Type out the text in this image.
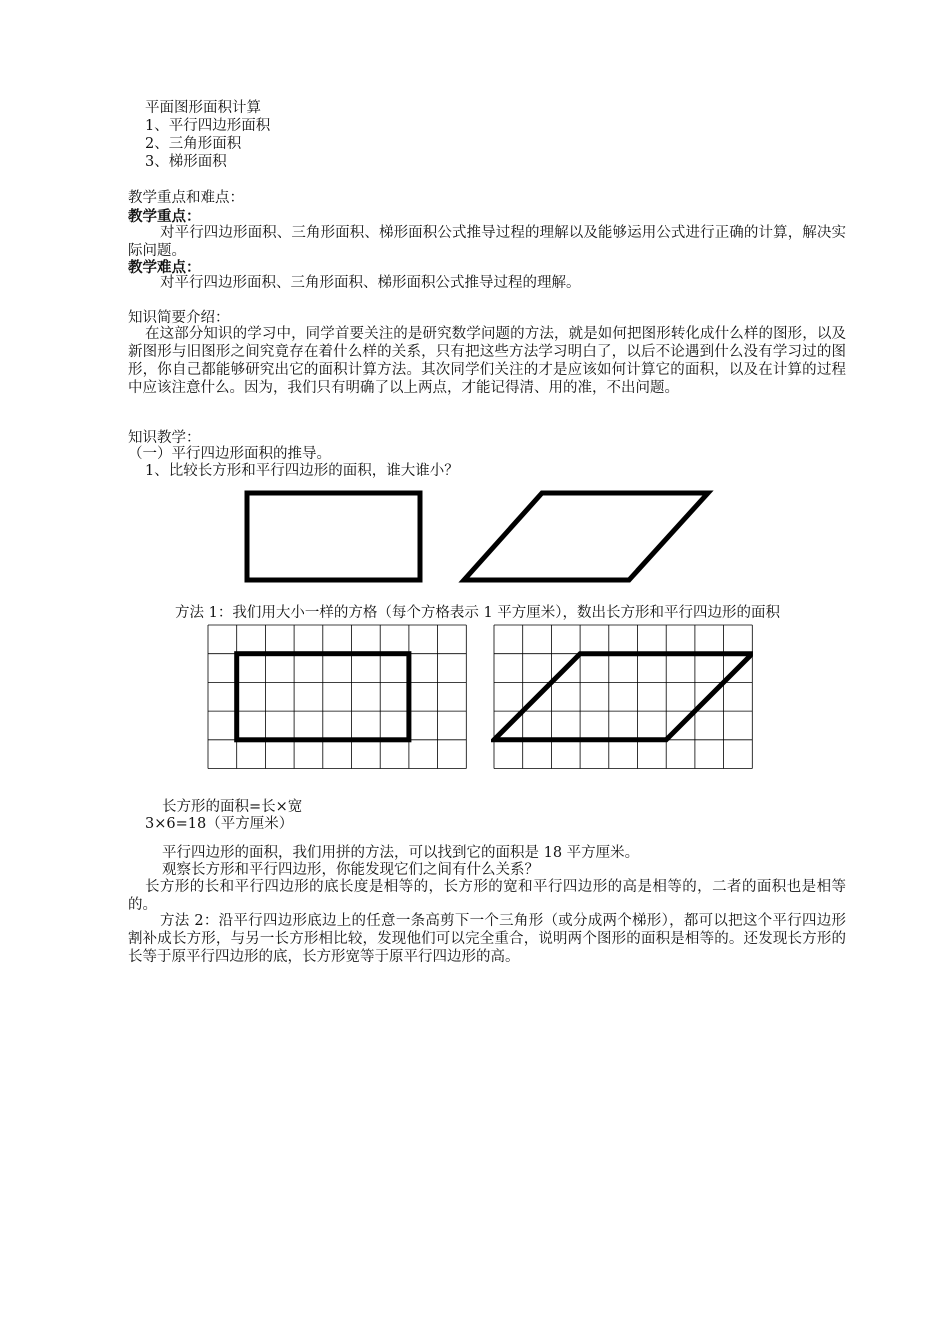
平面图形面积计算
1、平行四边形面积
2、三角形面积
3、梯形面积
教学重点和难点：
教学重点：
对平行四边形面积、三角形面积、梯形面积公式推导过程的理解以及能够运用公式进行正确的计算，解决实际问题。
教学难点：
对平行四边形面积、三角形面积、梯形面积公式推导过程的理解。
知识简要介绍：
在这部分知识的学习中，同学首要关注的是研究数学问题的方法，就是如何把图形转化成什么样的图形，以及新图形与旧图形之间究竟存在着什么样的关系，只有把这些方法学习明白了，以后不论遇到什么没有学习过的图形，你自己都能够研究出它的面积计算方法。其次同学们关注的才是应该如何计算它的面积，以及在计算的过程中应该注意什么。因为，我们只有明确了以上两点，才能记得清、用的准，不出问题。
知识教学：
（一）平行四边形面积的推导。
1、比较长方形和平行四边形的面积，谁大谁小？
方法 1：我们用大小一样的方格（每个方格表示 1 平方厘米），数出长方形和平行四边形的面积
长方形的面积=长×宽
3×6=18（平方厘米）
平行四边形的面积，我们用拼的方法，可以找到它的面积是 18 平方厘米。
观察长方形和平行四边形，你能发现它们之间有什么关系？
长方形的长和平行四边形的底长度是相等的，长方形的宽和平行四边形的高是相等的，二者的面积也是相等的。
方法 2：沿平行四边形底边上的任意一条高剪下一个三角形（或分成两个梯形），都可以把这个平行四边形割补成长方形，与另一长方形相比较，发现他们可以完全重合，说明两个图形的面积是相等的。还发现长方形的长等于原平行四边形的底，长方形宽等于原平行四边形的高。
